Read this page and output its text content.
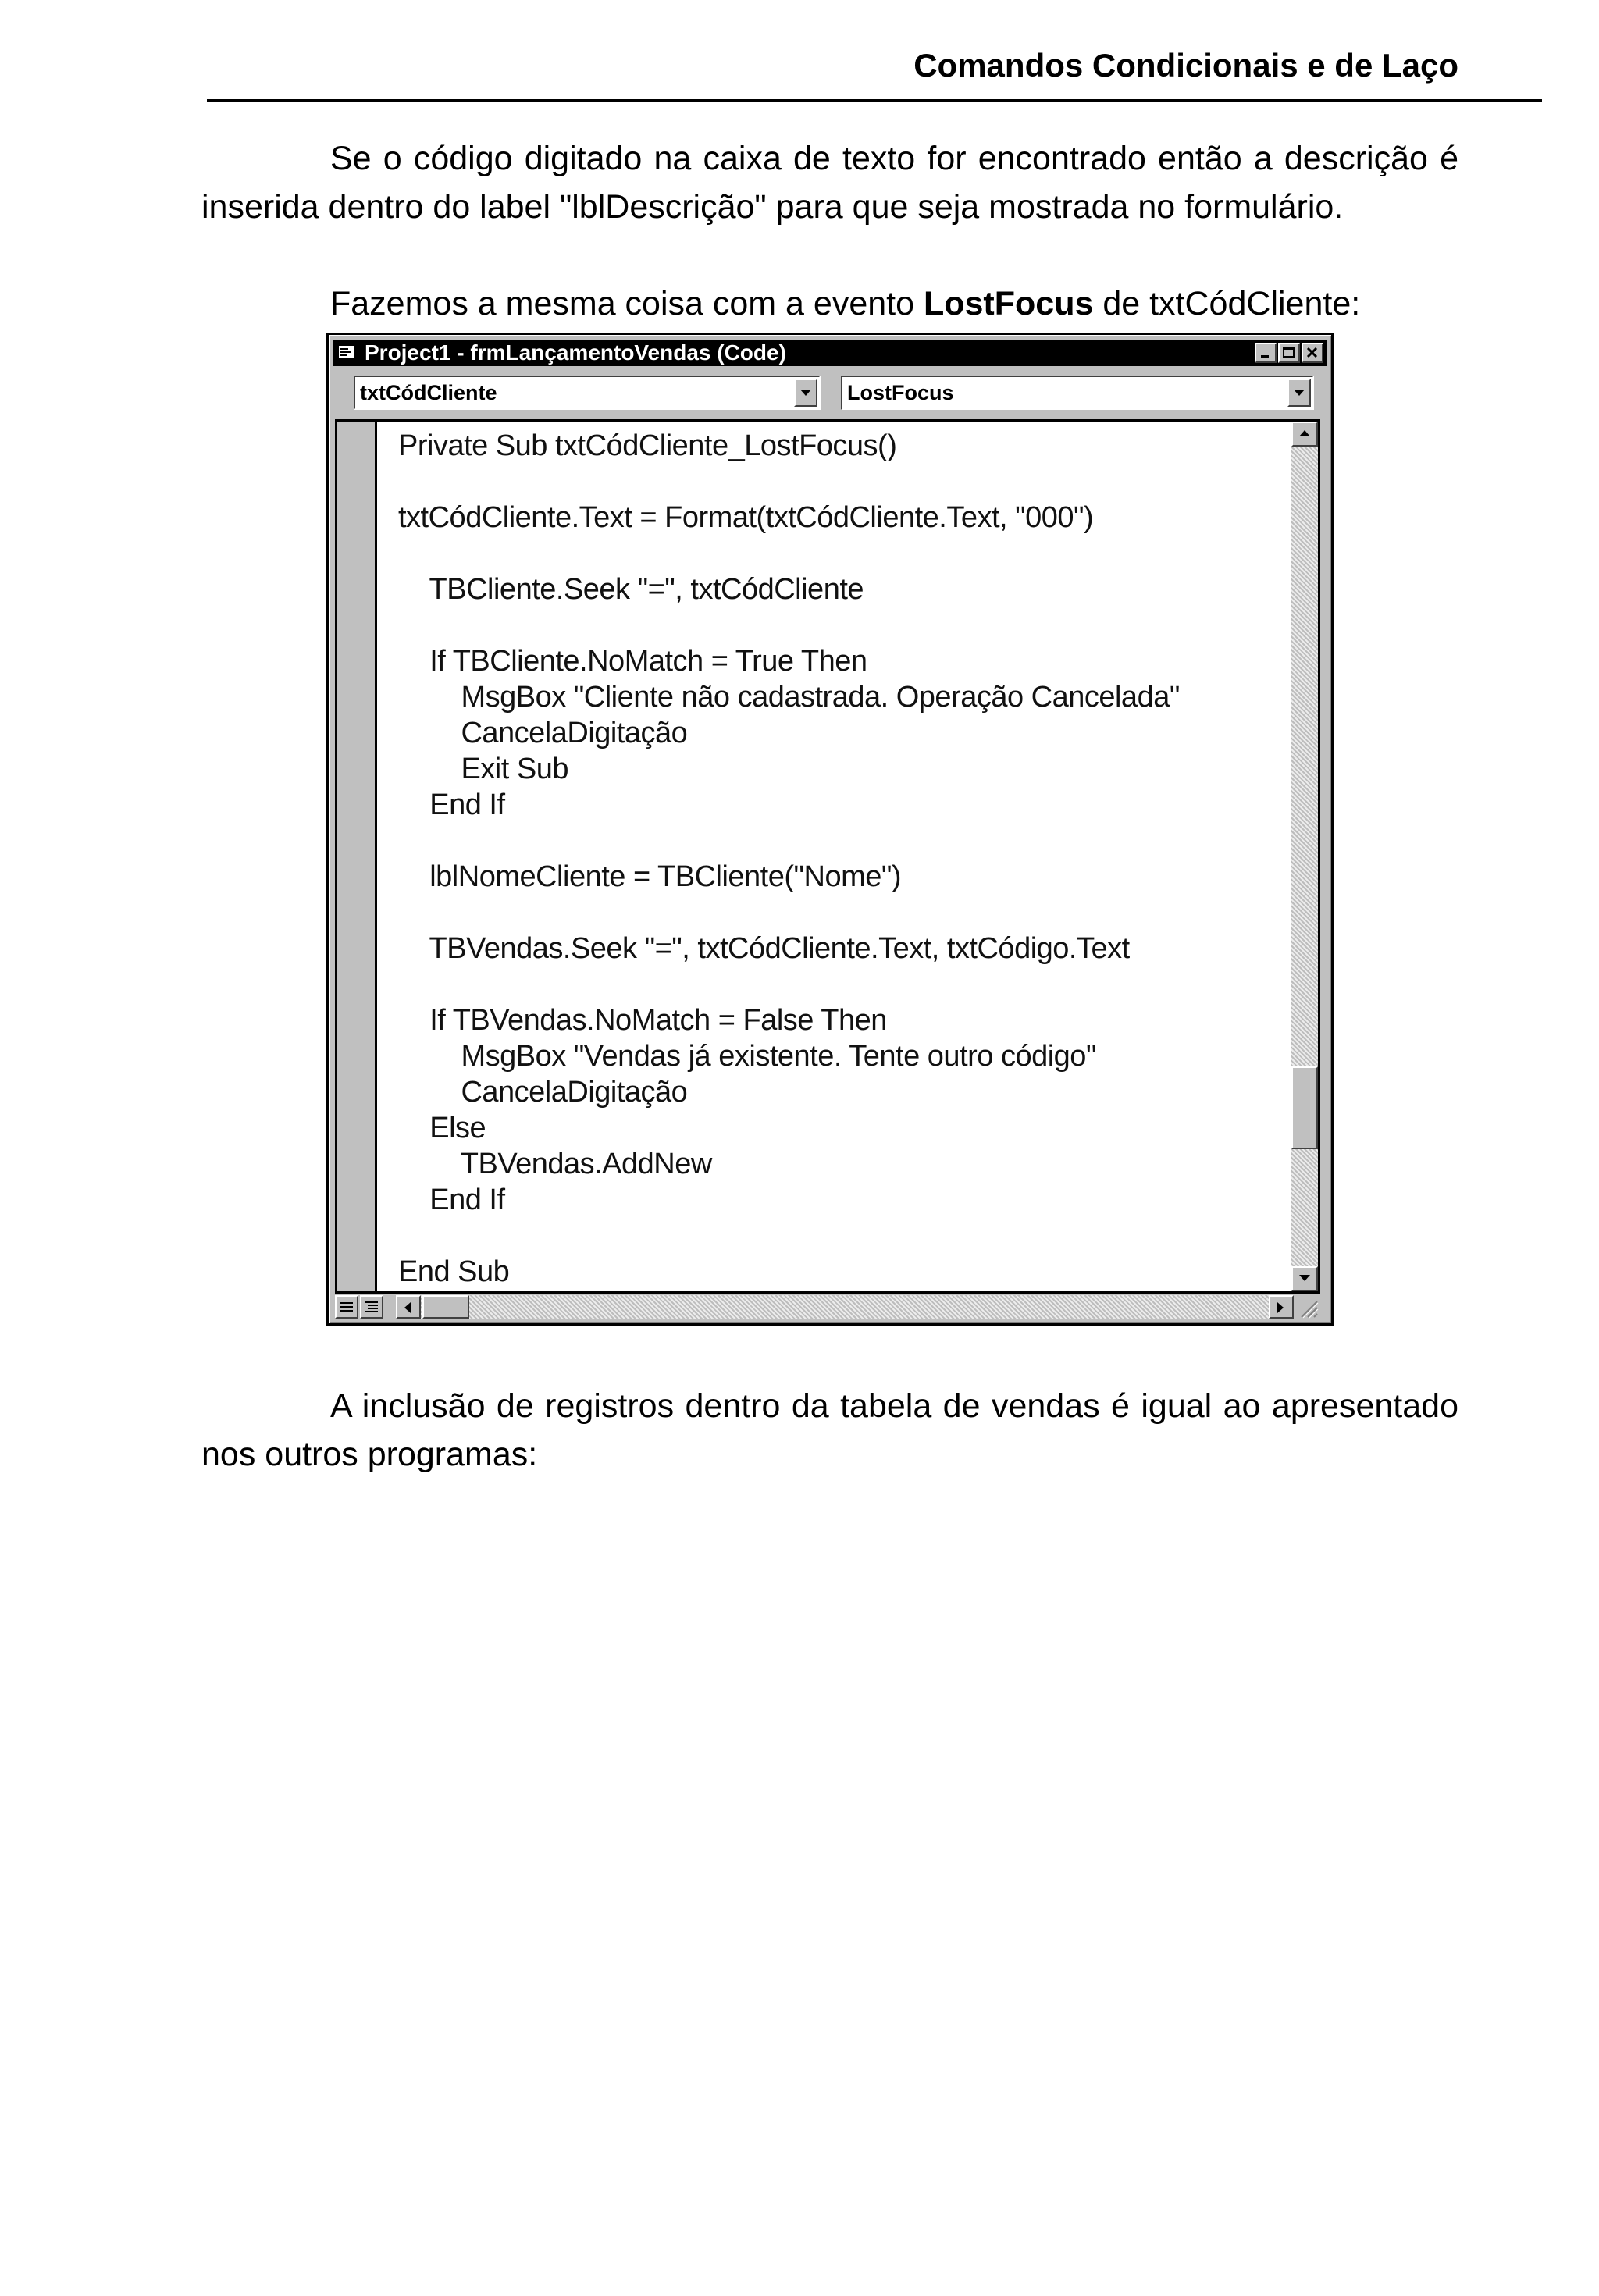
Comandos Condicionais e de Laço

Se o código digitado na caixa de texto for encontrado então a descrição é inserida dentro do label "lblDescrição" para que seja mostrada no formulário.

Fazemos a mesma coisa com a evento LostFocus de txtCódCliente:

Project1 - frmLançamentoVendas (Code)
txtCódCliente	LostFocus
Private Sub txtCódCliente_LostFocus()

txtCódCliente.Text = Format(txtCódCliente.Text, "000")

TBCliente.Seek "=", txtCódCliente

If TBCliente.NoMatch = True Then
MsgBox "Cliente não cadastrada. Operação Cancelada"
CancelaDigitação
Exit Sub
End If

lblNomeCliente = TBCliente("Nome")

TBVendas.Seek "=", txtCódCliente.Text, txtCódigo.Text

If TBVendas.NoMatch = False Then
MsgBox "Vendas já existente. Tente outro código"
CancelaDigitação
Else
TBVendas.AddNew
End If

End Sub

A inclusão de registros dentro da tabela de vendas é igual ao apresentado nos outros programas:
